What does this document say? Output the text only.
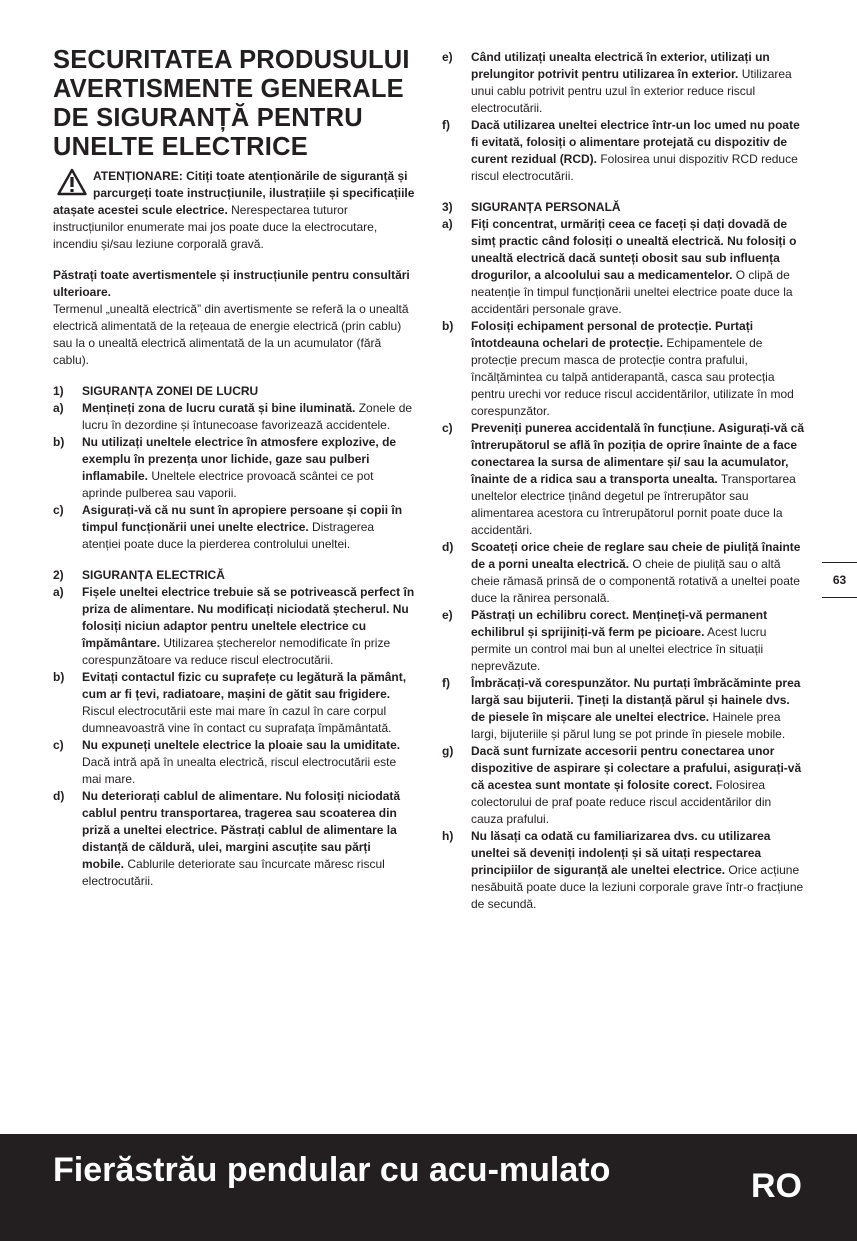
SECURITATEA PRODUSULUI AVERTISMENTE GENERALE DE SIGURANȚĂ PENTRU UNELTE ELECTRICE
ATENȚIONARE: Citiți toate atenționările de siguranță și parcurgeți toate instrucțiunile, ilustrațiile și specificațiile atașate acestei scule electrice. Nerespectarea tuturor instrucțiunilor enumerate mai jos poate duce la electrocutare, incendiu și/sau leziune corporală gravă.
Păstrați toate avertismentele și instrucțiunile pentru consultări ulterioare.
Termenul „unealtă electrică” din avertismente se referă la o unealtă electrică alimentată de la rețeaua de energie electrică (prin cablu) sau la o unealtă electrică alimentată de la un acumulator (fără cablu).
1)	SIGURANȚA ZONEI DE LUCRU
a)	Mențineți zona de lucru curată și bine iluminată. Zonele de lucru în dezordine și întunecoase favorizează accidentele.
b)	Nu utilizați uneltele electrice în atmosfere explozive, de exemplu în prezența unor lichide, gaze sau pulberi inflamabile. Uneltele electrice provoacă scântei ce pot aprinde pulberea sau vaporii.
c)	Asigurați-vă că nu sunt în apropiere persoane și copii în timpul funcționării unei unelte electrice. Distragerea atenției poate duce la pierderea controlului uneltei.
2)	SIGURANȚA ELECTRICĂ
a)	Fișele uneltei electrice trebuie să se potrivească perfect în priza de alimentare. Nu modificați niciodată ștecherul. Nu folosiți niciun adaptor pentru uneltele electrice cu împământare. Utilizarea ștecherelor nemodificate în prize corespunzătoare va reduce riscul electrocutării.
b)	Evitați contactul fizic cu suprafețe cu legătură la pământ, cum ar fi țevi, radiatoare, mașini de gătit sau frigidere. Riscul electrocutării este mai mare în cazul în care corpul dumneavoastră vine în contact cu suprafața împământată.
c)	Nu expuneți uneltele electrice la ploaie sau la umiditate. Dacă intră apă în unealta electrică, riscul electrocutării este mai mare.
d)	Nu deteriorați cablul de alimentare. Nu folosiți niciodată cablul pentru transportarea, tragerea sau scoaterea din priză a uneltei electrice. Păstrați cablul de alimentare la distanță de căldură, ulei, margini ascuțite sau părți mobile. Cablurile deteriorate sau încurcate măresc riscul electrocutării.
e)	Când utilizați unealta electrică în exterior, utilizați un prelungitor potrivit pentru utilizarea în exterior. Utilizarea unui cablu potrivit pentru uzul în exterior reduce riscul electrocutării.
f)	Dacă utilizarea uneltei electrice într-un loc umed nu poate fi evitată, folosiți o alimentare protejată cu dispozitiv de curent rezidual (RCD). Folosirea unui dispozitiv RCD reduce riscul electrocutării.
3)	SIGURANȚA PERSONALĂ
a)	Fiți concentrat, urmăriți ceea ce faceți și dați dovadă de simț practic când folosiți o unealtă electrică. Nu folosiți o unealtă electrică dacă sunteți obosit sau sub influența drogurilor, a alcoolului sau a medicamentelor. O clipă de neatenție în timpul funcționării uneltei electrice poate duce la accidentări personale grave.
b)	Folosiți echipament personal de protecție. Purtați întotdeauna ochelari de protecție. Echipamentele de protecție precum masca de protecție contra prafului, încălțămintea cu talpă antiderapantă, casca sau protecția pentru urechi vor reduce riscul accidentărilor, utilizate în mod corespunzător.
c)	Preveniți punerea accidentală în funcțiune. Asigurați-vă că întrerupătorul se află în poziția de oprire înainte de a face conectarea la sursa de alimentare și/ sau la acumulator, înainte de a ridica sau a transporta unealta. Transportarea uneltelor electrice ținând degetul pe întrerupător sau alimentarea acestora cu întrerupătorul pornit poate duce la accidentări.
d)	Scoateți orice cheie de reglare sau cheie de piuliță înainte de a porni unealta electrică. O cheie de piuliță sau o altă cheie rămasă prinsă de o componentă rotativă a uneltei poate duce la rănirea personală.
e)	Păstrați un echilibru corect. Mențineți-vă permanent echilibrul și sprijiniți-vă ferm pe picioare. Acest lucru permite un control mai bun al uneltei electrice în situații neprevăzute.
f)	Îmbrăcați-vă corespunzător. Nu purtați îmbrăcăminte prea largă sau bijuterii. Țineți la distanță părul și hainele dvs. de piesele în mișcare ale uneltei electrice. Hainele prea largi, bijuteriile și părul lung se pot prinde în piesele mobile.
g)	Dacă sunt furnizate accesorii pentru conectarea unor dispozitive de aspirare și colectare a prafului, asigurați-vă că acestea sunt montate și folosite corect. Folosirea colectorului de praf poate reduce riscul accidentărilor din cauza prafului.
h)	Nu lăsați ca odată cu familiarizarea dvs. cu utilizarea uneltei să deveniți indolenți și să uitați respectarea principiilor de siguranță ale uneltei electrice. Orice acțiune nesăbuită poate duce la leziuni corporale grave într-o fracțiune de secundă.
63
Fierăstrău pendular cu acu-mulato	RO
